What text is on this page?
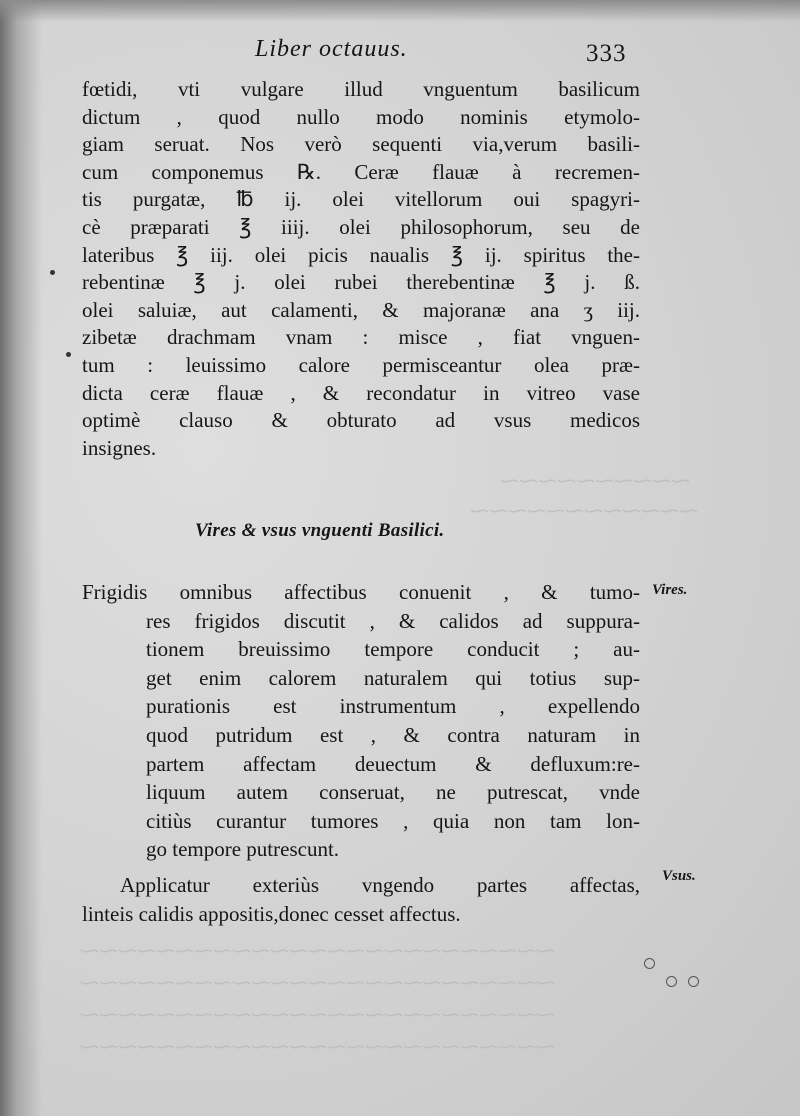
⁓⁓⁓⁓⁓⁓⁓⁓⁓⁓
⁓⁓⁓⁓⁓⁓⁓⁓⁓⁓⁓⁓
⁓⁓⁓⁓⁓⁓⁓⁓⁓⁓⁓⁓⁓⁓⁓⁓⁓⁓⁓⁓⁓⁓⁓⁓⁓
⁓⁓⁓⁓⁓⁓⁓⁓⁓⁓⁓⁓⁓⁓⁓⁓⁓⁓⁓⁓⁓⁓⁓⁓⁓
⁓⁓⁓⁓⁓⁓⁓⁓⁓⁓⁓⁓⁓⁓⁓⁓⁓⁓⁓⁓⁓⁓⁓⁓⁓
⁓⁓⁓⁓⁓⁓⁓⁓⁓⁓⁓⁓⁓⁓⁓⁓⁓⁓⁓⁓⁓⁓⁓⁓⁓
Liber octauus.	333
fœtidi, vti vulgare illud vnguentum basilicum
dictum , quod nullo modo nominis etymolo-
giam seruat. Nos verò sequenti via,verum basili-
cum componemus ℞. Ceræ flauæ à recremen-
tis purgatæ, ℔ ij. olei vitellorum oui spagyri-
cè præparati ℥ iiij. olei philosophorum, seu de
lateribus ℥ iij. olei picis naualis ℥ ij. spiritus the-
rebentinæ ℥ j. olei rubei therebentinæ ℥ j. ß.
olei saluiæ, aut calamenti, & majoranæ ana ʒ iij.
zibetæ drachmam vnam : misce , fiat vnguen-
tum : leuissimo calore permisceantur olea præ-
dicta ceræ flauæ , & recondatur in vitreo vase
optimè clauso & obturato ad vsus medicos
insignes.
Vires & vsus vnguenti Basilici.
Frigidis omnibus affectibus conuenit , & tumo-
res frigidos discutit , & calidos ad suppura-
tionem breuissimo tempore conducit ; au-
get enim calorem naturalem qui totius sup-
purationis est instrumentum , expellendo
quod putridum est , & contra naturam in
partem affectam deuectum & defluxum:re-
liquum autem conseruat, ne putrescat, vnde
citiùs curantur tumores , quia non tam lon-
go tempore putrescunt.
Applicatur exteriùs vngendo partes affectas,
linteis calidis appositis,donec cesset affectus.
Vires.
Vsus.
